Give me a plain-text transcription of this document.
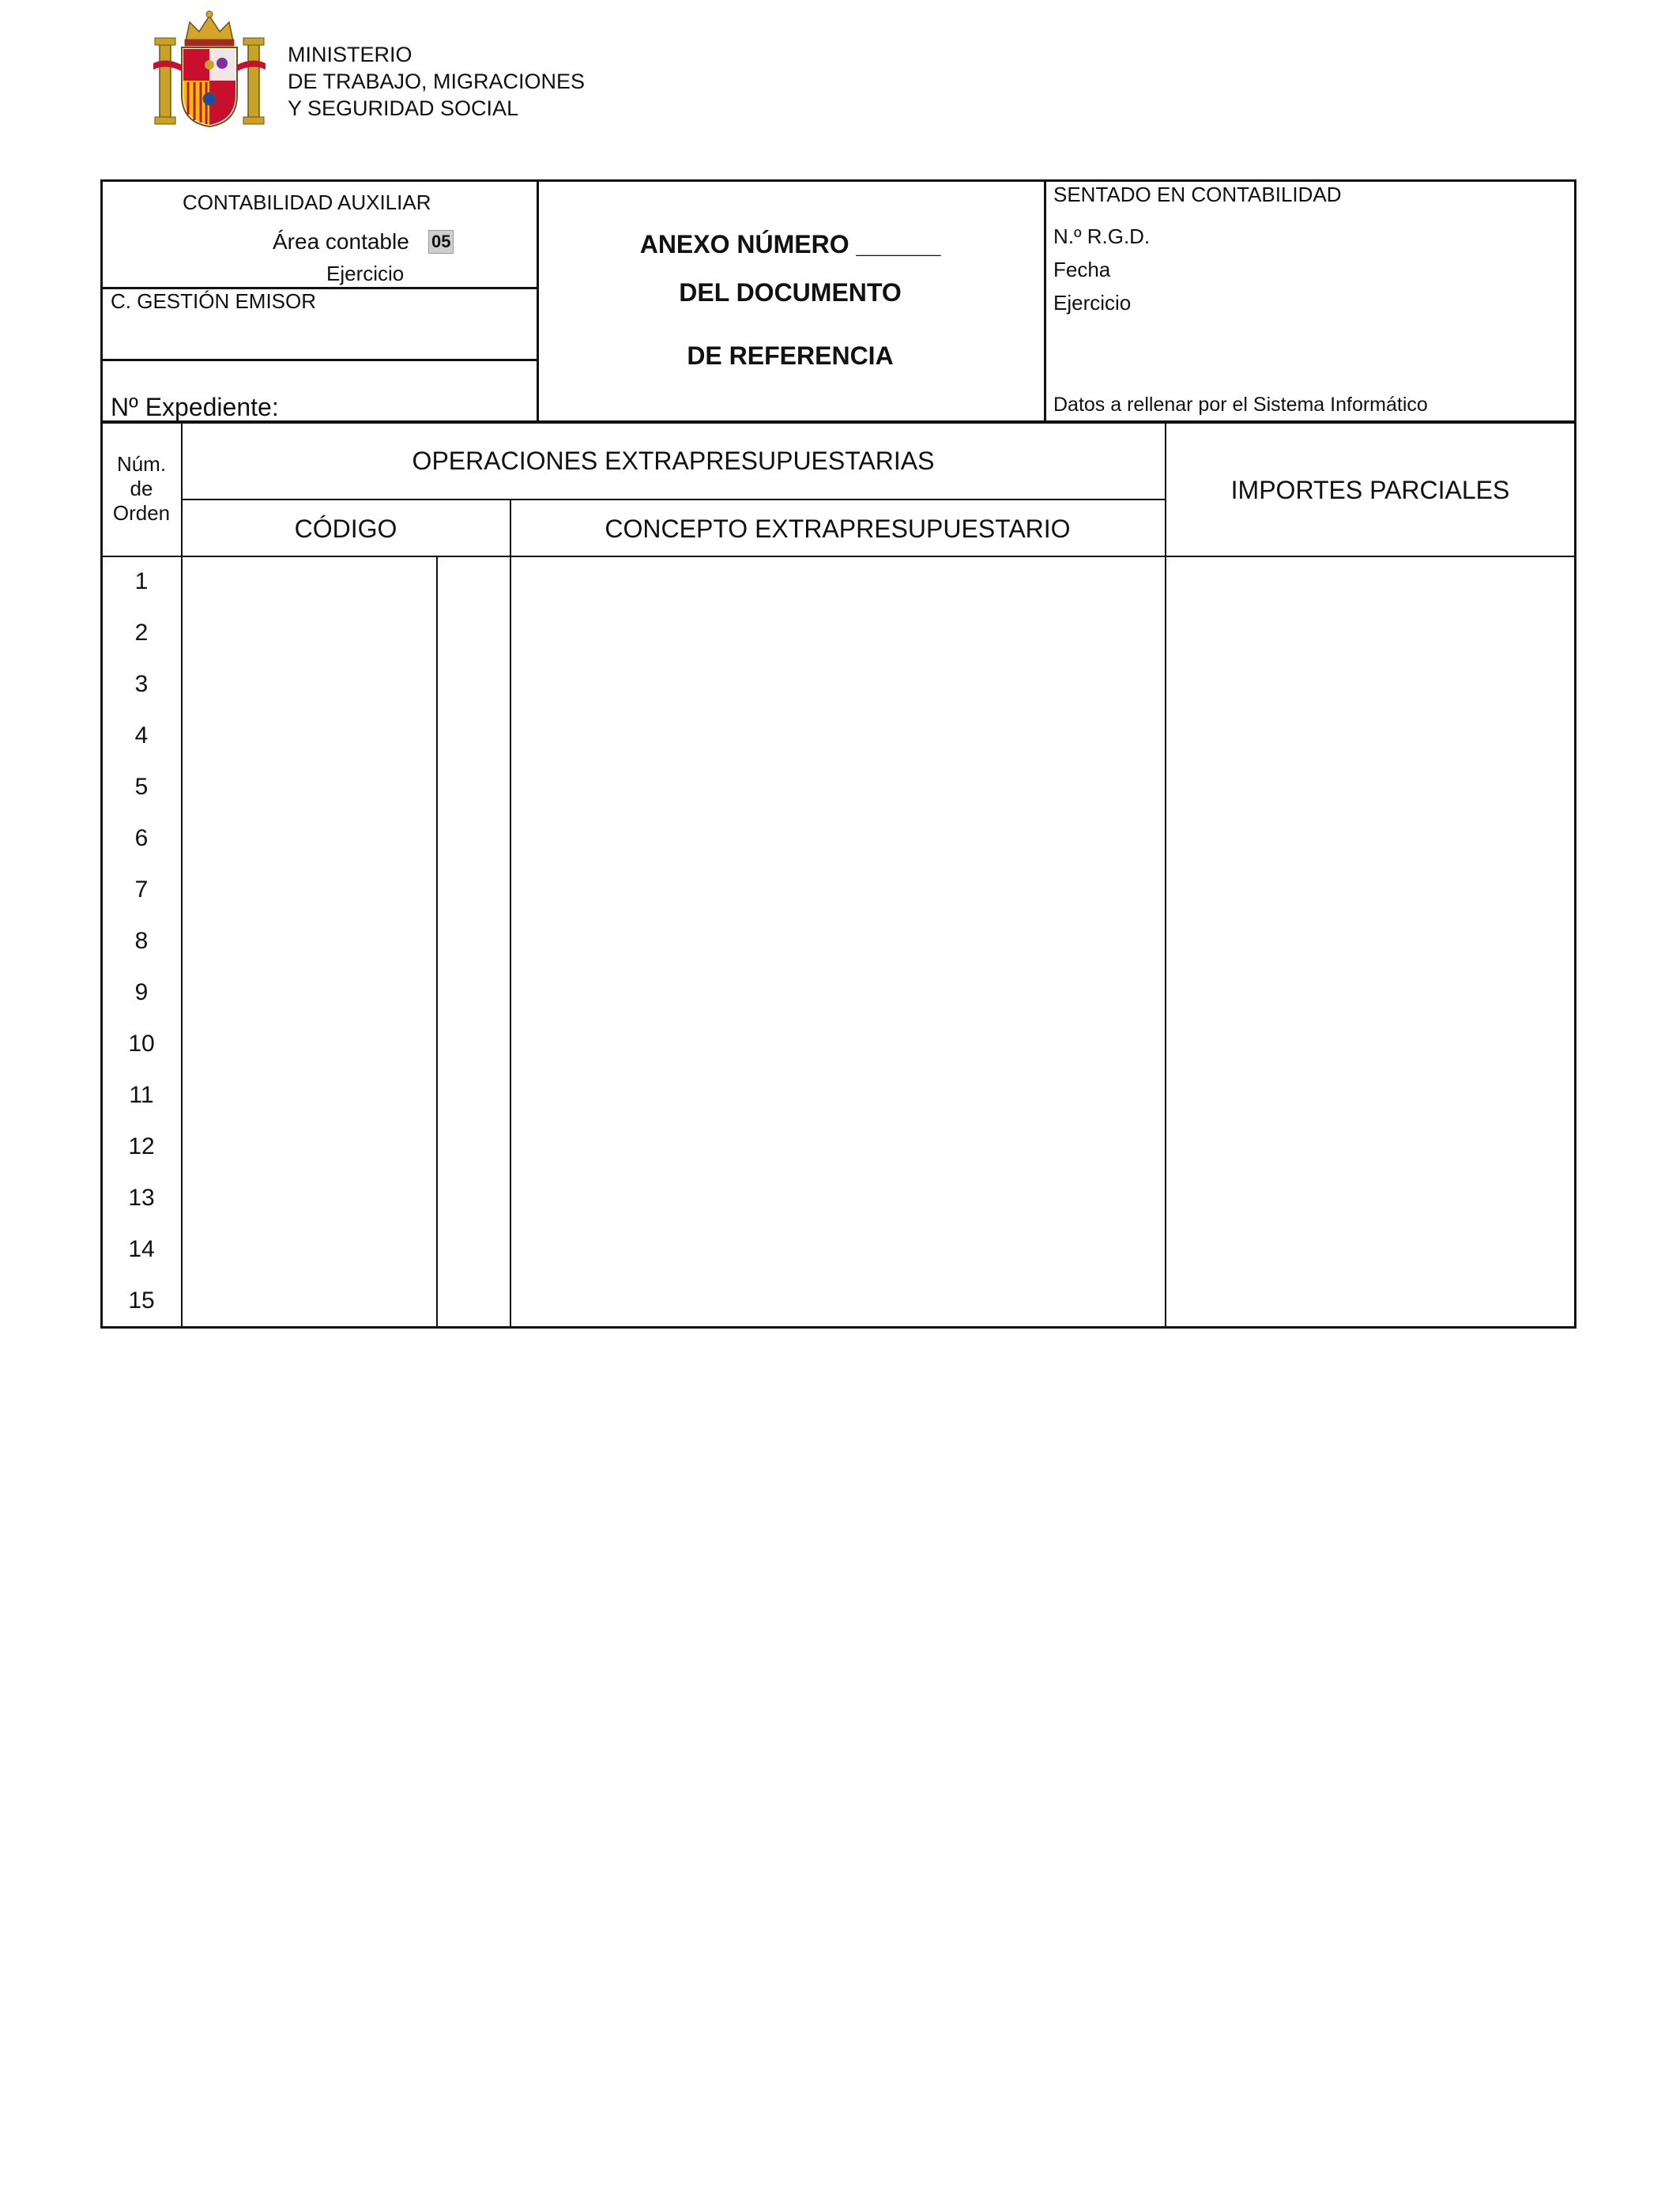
MINISTERIO
DE TRABAJO, MIGRACIONES
Y SEGURIDAD SOCIAL
CONTABILIDAD AUXILIAR
Área contable 05
Ejercicio
C. GESTIÓN EMISOR
Nº Expediente:
ANEXO NÚMERO ______
DEL DOCUMENTO
DE REFERENCIA
SENTADO EN CONTABILIDAD
N.º R.G.D.
Fecha
Ejercicio
Datos a rellenar por el Sistema Informático
Núm.
de
Orden
OPERACIONES EXTRAPRESUPUESTARIAS
CÓDIGO	CONCEPTO EXTRAPRESUPUESTARIO
IMPORTES PARCIALES
1
2
3
4
5
6
7
8
9
10
11
12
13
14
15
